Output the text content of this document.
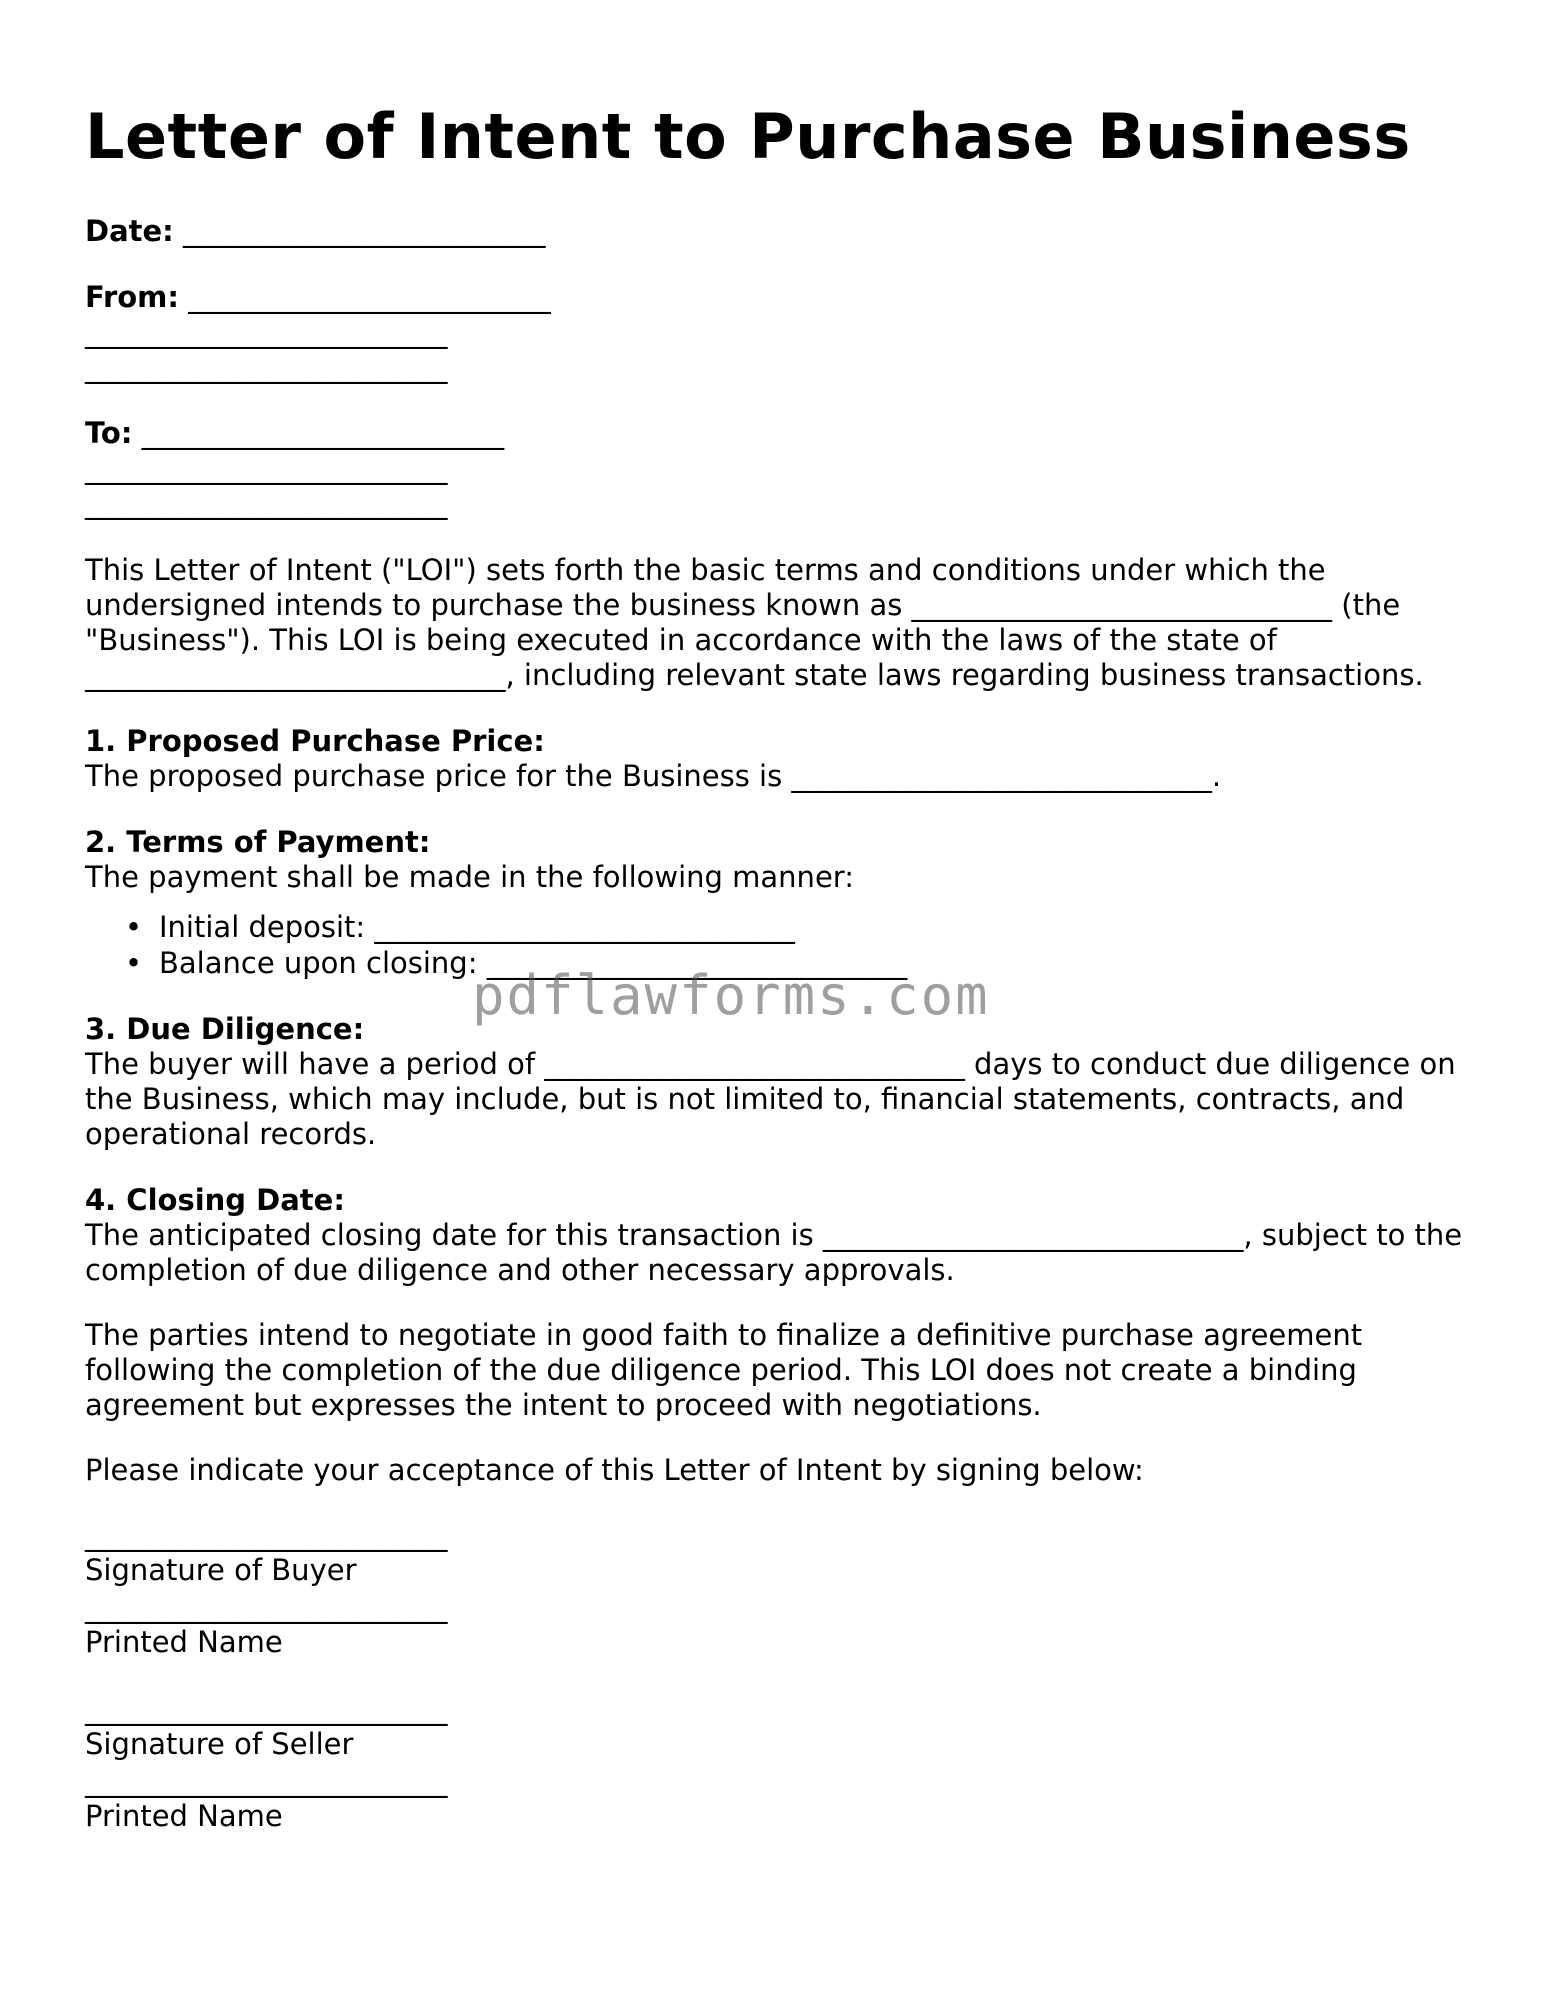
Letter of Intent to Purchase Business

Date: _________________________

From: _________________________

_________________________

_________________________

To: _________________________

_________________________

_________________________

This Letter of Intent ("LOI") sets forth the basic terms and conditions under which the undersigned intends to purchase the business known as _____________________________ (the "Business"). This LOI is being executed in accordance with the laws of the state of _____________________________, including relevant state laws regarding business transactions.

1. Proposed Purchase Price:

The proposed purchase price for the Business is _____________________________.

2. Terms of Payment:

The payment shall be made in the following manner:

• Initial deposit: _____________________________
• Balance upon closing: _____________________________

3. Due Diligence:

The buyer will have a period of _____________________________ days to conduct due diligence on the Business, which may include, but is not limited to, financial statements, contracts, and operational records.

4. Closing Date:

The anticipated closing date for this transaction is _____________________________, subject to the completion of due diligence and other necessary approvals.

The parties intend to negotiate in good faith to finalize a definitive purchase agreement following the completion of the due diligence period. This LOI does not create a binding agreement but expresses the intent to proceed with negotiations.

Please indicate your acceptance of this Letter of Intent by signing below:

_________________________

Signature of Buyer

_________________________

Printed Name

_________________________

Signature of Seller

_________________________

Printed Name

pdflawforms.com
